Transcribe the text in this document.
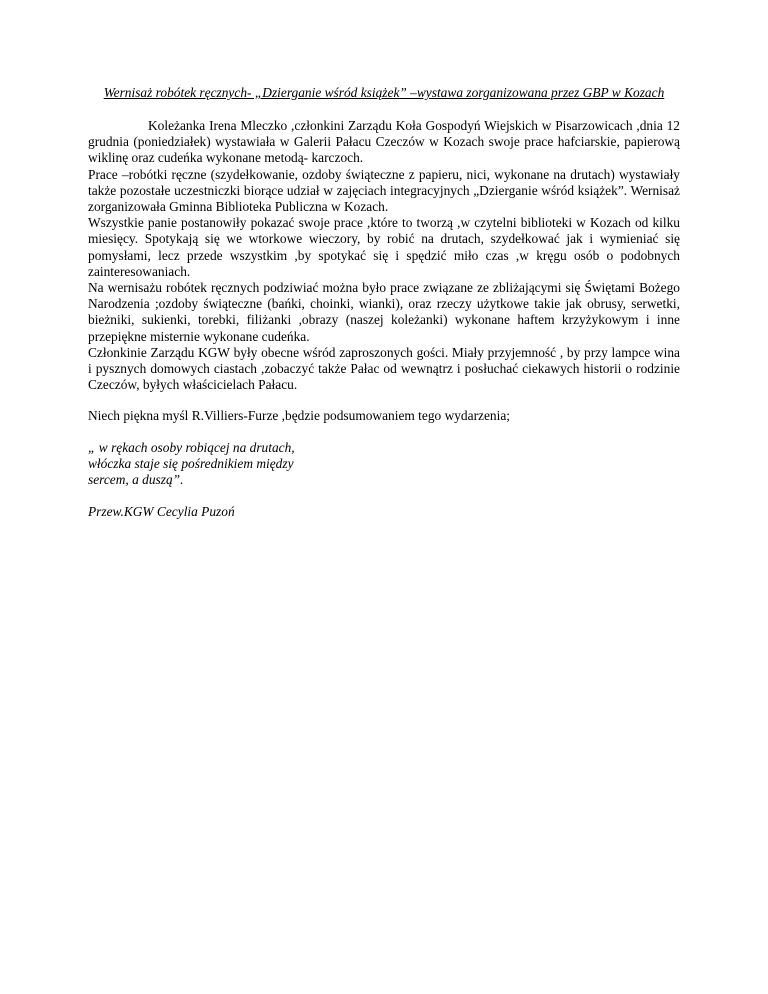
Wernisaż robótek ręcznych- „Dzierganie wśród książek” –wystawa zorganizowana przez GBP w Kozach

Koleżanka Irena Mleczko ,członkini Zarządu Koła Gospodyń Wiejskich w Pisarzowicach ,dnia 12 grudnia (poniedziałek) wystawiała w Galerii Pałacu Czeczów w Kozach swoje prace hafciarskie, papierową wiklinę oraz cudeńka wykonane metodą- karczoch.

Prace –robótki ręczne (szydełkowanie, ozdoby świąteczne z papieru, nici, wykonane na drutach) wystawiały także pozostałe uczestniczki biorące udział w zajęciach integracyjnych „Dzierganie wśród książek”. Wernisaż zorganizowała Gminna Biblioteka Publiczna w Kozach.

Wszystkie panie postanowiły pokazać swoje prace ,które to tworzą ,w czytelni biblioteki w Kozach od kilku miesięcy. Spotykają się we wtorkowe wieczory, by robić na drutach, szydełkować jak i wymieniać się pomysłami, lecz przede wszystkim ,by spotykać się i spędzić miło czas ,w kręgu osób o podobnych zainteresowaniach.

Na wernisażu robótek ręcznych podziwiać można było prace związane ze zbliżającymi się Świętami Bożego Narodzenia ;ozdoby świąteczne (bańki, choinki, wianki), oraz rzeczy użytkowe takie jak obrusy, serwetki, bieżniki, sukienki, torebki, filiżanki ,obrazy (naszej koleżanki) wykonane haftem krzyżykowym i inne przepiękne misternie wykonane cudeńka.

Członkinie Zarządu KGW były obecne wśród zaproszonych gości. Miały przyjemność , by przy lampce wina i pysznych domowych ciastach ,zobaczyć także Pałac od wewnątrz i posłuchać ciekawych historii o rodzinie Czeczów, byłych właścicielach Pałacu.

Niech piękna myśl R.Villiers-Furze ,będzie podsumowaniem tego wydarzenia;

„ w rękach osoby robiącej na drutach,
włóczka staje się pośrednikiem między
sercem, a duszą”.

Przew.KGW Cecylia Puzoń
